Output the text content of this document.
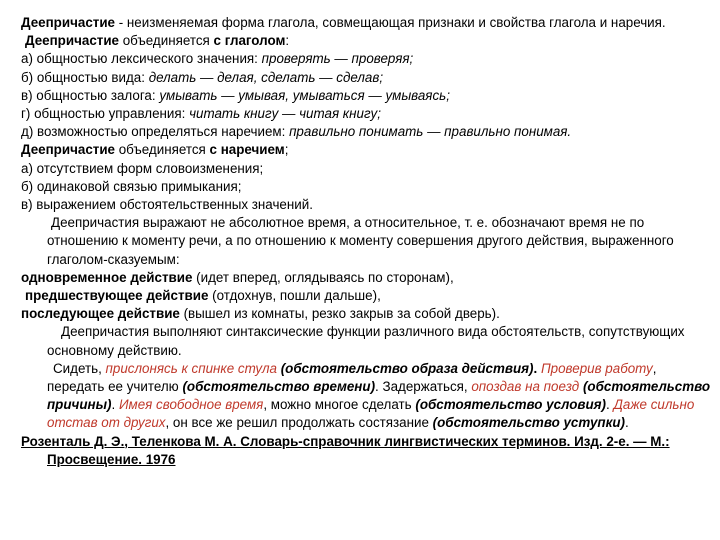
Деепричастие - неизменяемая форма глагола, совмещающая признаки и свойства глагола и наречия.

Деепричастие объединяется с глаголом:

а) общностью лексического значения: проверять — проверяя;

б) общностью вида: делать — делая, сделать — сделав;

в) общностью залога: умывать — умывая, умываться — умываясь;

г) общностью управления: читать книгу — читая книгу;

д) возможностью определяться наречием: правильно понимать — правильно понимая.

Деепричастие объединяется с наречием;

а) отсутствием форм словоизменения;

б) одинаковой связью примыкания;

в) выражением обстоятельственных значений.

Деепричастия выражают не абсолютное время, а относительное, т. е. обозначают время не по отношению к моменту речи, а по отношению к моменту совершения другого действия, выраженного глаголом-сказуемым:

одновременное действие (идет вперед, оглядываясь по сторонам),

предшествующее действие (отдохнув, пошли дальше),

последующее действие (вышел из комнаты, резко закрыв за собой дверь).

Деепричастия выполняют синтаксические функции различного вида обстоятельств, сопутствующих основному действию.

Сидеть, прислонясь к спинке стула (обстоятельство образа действия). Проверив работу, передать ее учителю (обстоятельство времени). Задержаться, опоздав на поезд (обстоятельство причины). Имея свободное время, можно многое сделать (обстоятельство условия). Даже сильно отстав от других, он все же решил продолжать состязание (обстоятельство уступки).

Розенталь Д. Э., Теленкова М. А. Словарь-справочник лингвистических терминов. Изд. 2-е. — М.: Просвещение. 1976
